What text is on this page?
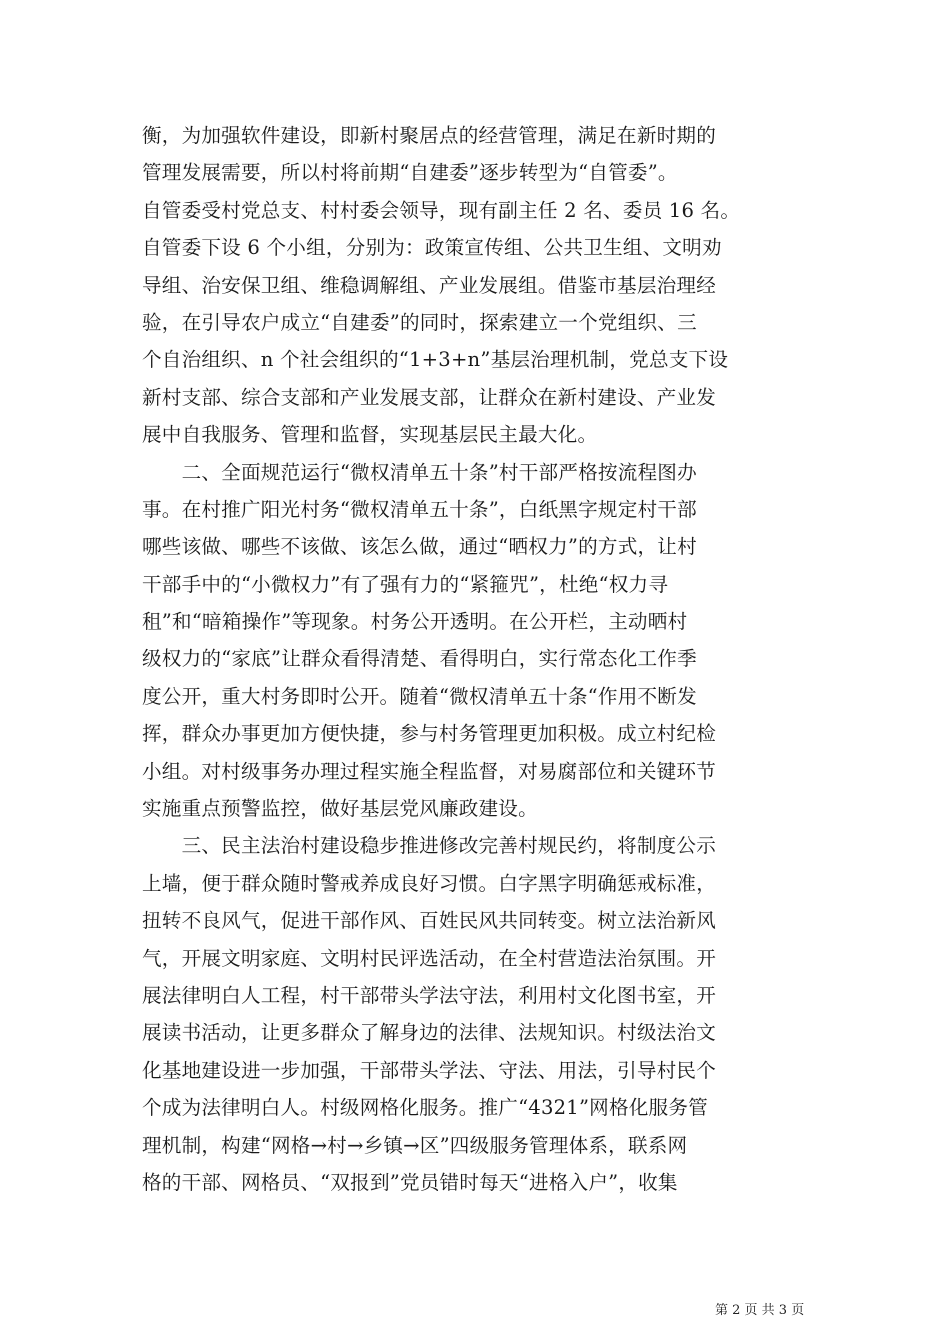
衡，为加强软件建设，即新村聚居点的经营管理，满足在新时期的
管理发展需要，所以村将前期“自建委”逐步转型为“自管委”。
自管委受村党总支、村村委会领导，现有副主任 2 名、委员 16 名。
自管委下设 6 个小组，分别为：政策宣传组、公共卫生组、文明劝
导组、治安保卫组、维稳调解组、产业发展组。借鉴市基层治理经
验，在引导农户成立“自建委”的同时，探索建立一个党组织、三
个自治组织、n 个社会组织的“1+3+n”基层治理机制，党总支下设
新村支部、综合支部和产业发展支部，让群众在新村建设、产业发
展中自我服务、管理和监督，实现基层民主最大化。
　　二、全面规范运行“微权清单五十条”村干部严格按流程图办
事。在村推广阳光村务“微权清单五十条”，白纸黑字规定村干部
哪些该做、哪些不该做、该怎么做，通过“晒权力”的方式，让村
干部手中的“小微权力”有了强有力的“紧箍咒”，杜绝“权力寻
租”和“暗箱操作”等现象。村务公开透明。在公开栏，主动晒村
级权力的“家底”让群众看得清楚、看得明白，实行常态化工作季
度公开，重大村务即时公开。随着“微权清单五十条“作用不断发
挥，群众办事更加方便快捷，参与村务管理更加积极。成立村纪检
小组。对村级事务办理过程实施全程监督，对易腐部位和关键环节
实施重点预警监控，做好基层党风廉政建设。
　　三、民主法治村建设稳步推进修改完善村规民约，将制度公示
上墙，便于群众随时警戒养成良好习惯。白字黑字明确惩戒标准，
扭转不良风气，促进干部作风、百姓民风共同转变。树立法治新风
气，开展文明家庭、文明村民评选活动，在全村营造法治氛围。开
展法律明白人工程，村干部带头学法守法，利用村文化图书室，开
展读书活动，让更多群众了解身边的法律、法规知识。村级法治文
化基地建设进一步加强，干部带头学法、守法、用法，引导村民个
个成为法律明白人。村级网格化服务。推广“4321”网格化服务管
理机制，构建“网格→村→乡镇→区”四级服务管理体系，联系网
格的干部、网格员、“双报到”党员错时每天“进格入户”，收集
第 2 页 共 3 页
